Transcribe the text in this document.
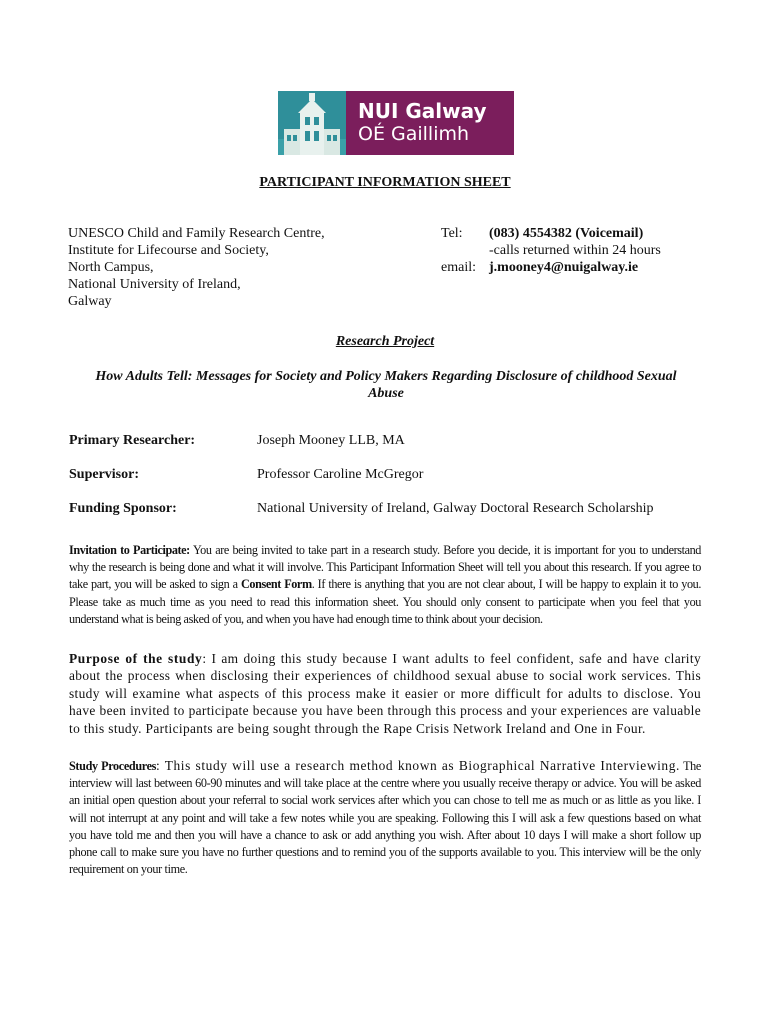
NUI Galway
OÉ Gaillimh
PARTICIPANT INFORMATION SHEET
UNESCO Child and Family Research Centre,
Institute for Lifecourse and Society,
North Campus,
National University of Ireland,
Galway
Tel:	(083) 4554382 (Voicemail)
-calls returned within 24 hours
email: j.mooney4@nuigalway.ie
Research Project
How Adults Tell: Messages for Society and Policy Makers Regarding Disclosure of childhood Sexual Abuse
Primary Researcher:	Joseph Mooney LLB, MA
Supervisor:	Professor Caroline McGregor
Funding Sponsor:	National University of Ireland, Galway Doctoral Research Scholarship
Invitation to Participate: You are being invited to take part in a research study. Before you decide, it is important for you to understand why the research is being done and what it will involve. This Participant Information Sheet will tell you about this research. If you agree to take part, you will be asked to sign a Consent Form. If there is anything that you are not clear about, I will be happy to explain it to you. Please take as much time as you need to read this information sheet. You should only consent to participate when you feel that you understand what is being asked of you, and when you have had enough time to think about your decision.
Purpose of the study: I am doing this study because I want adults to feel confident, safe and have clarity about the process when disclosing their experiences of childhood sexual abuse to social work services. This study will examine what aspects of this process make it easier or more difficult for adults to disclose. You have been invited to participate because you have been through this process and your experiences are valuable to this study. Participants are being sought through the Rape Crisis Network Ireland and One in Four.
Study Procedures: This study will use a research method known as Biographical Narrative Interviewing. The interview will last between 60-90 minutes and will take place at the centre where you usually receive therapy or advice. You will be asked an initial open question about your referral to social work services after which you can chose to tell me as much or as little as you like. I will not interrupt at any point and will take a few notes while you are speaking. Following this I will ask a few questions based on what you have told me and then you will have a chance to ask or add anything you wish. After about 10 days I will make a short follow up phone call to make sure you have no further questions and to remind you of the supports available to you. This interview will be the only requirement on your time.
